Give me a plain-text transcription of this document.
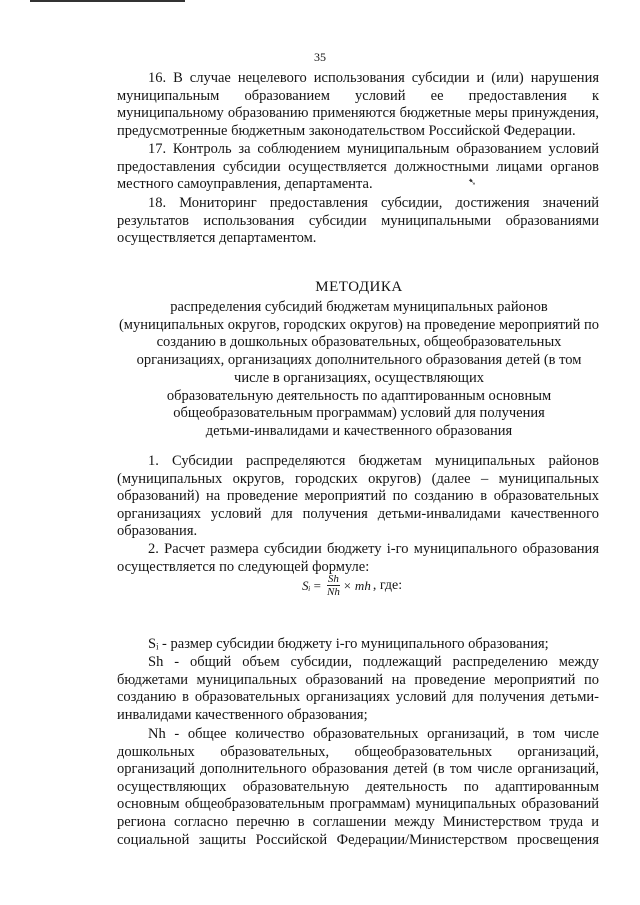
35
16. В случае нецелевого использования субсидии и (или) нарушения
муниципальным образованием условий ее предоставления к
муниципальному образованию применяются бюджетные меры принуждения,
предусмотренные бюджетным законодательством Российской Федерации.
17. Контроль за соблюдением муниципальным образованием условий
предоставления субсидии осуществляется должностными лицами органов
местного самоуправления, департамента.	➷
18. Мониторинг предоставления субсидии, достижения значений
результатов использования субсидии муниципальными образованиями
осуществляется департаментом.
МЕТОДИКА
распределения субсидий бюджетам муниципальных районов
(муниципальных округов, городских округов) на проведение мероприятий по
созданию в дошкольных образовательных, общеобразовательных
организациях, организациях дополнительного образования детей (в том
числе в организациях, осуществляющих
образовательную деятельность по адаптированным основным
общеобразовательным программам) условий для получения
детьми-инвалидами и качественного образования
1. Субсидии распределяются бюджетам муниципальных районов
(муниципальных округов, городских округов) (далее – муниципальных
образований) на проведение мероприятий по созданию в образовательных
организациях условий для получения детьми-инвалидами качественного
образования.
2. Расчет размера субсидии бюджету i-го муниципального образования
осуществляется по следующей формуле:
Sᵢ = $\frac{Sh}{Nh}$ × mh , где:
Sᵢ - размер субсидии бюджету i-го муниципального образования;
Sh - общий объем субсидии, подлежащий распределению между
бюджетами муниципальных образований на проведение мероприятий по
созданию в образовательных организациях условий для получения детьми-
инвалидами качественного образования;
Nh - общее количество образовательных организаций, в том числе
дошкольных образовательных, общеобразовательных организаций,
организаций дополнительного образования детей (в том числе организаций,
осуществляющих образовательную деятельность по адаптированным
основным общеобразовательным программам) муниципальных образований
региона согласно перечню в соглашении между Министерством труда и
социальной защиты Российской Федерации/Министерством просвещения
